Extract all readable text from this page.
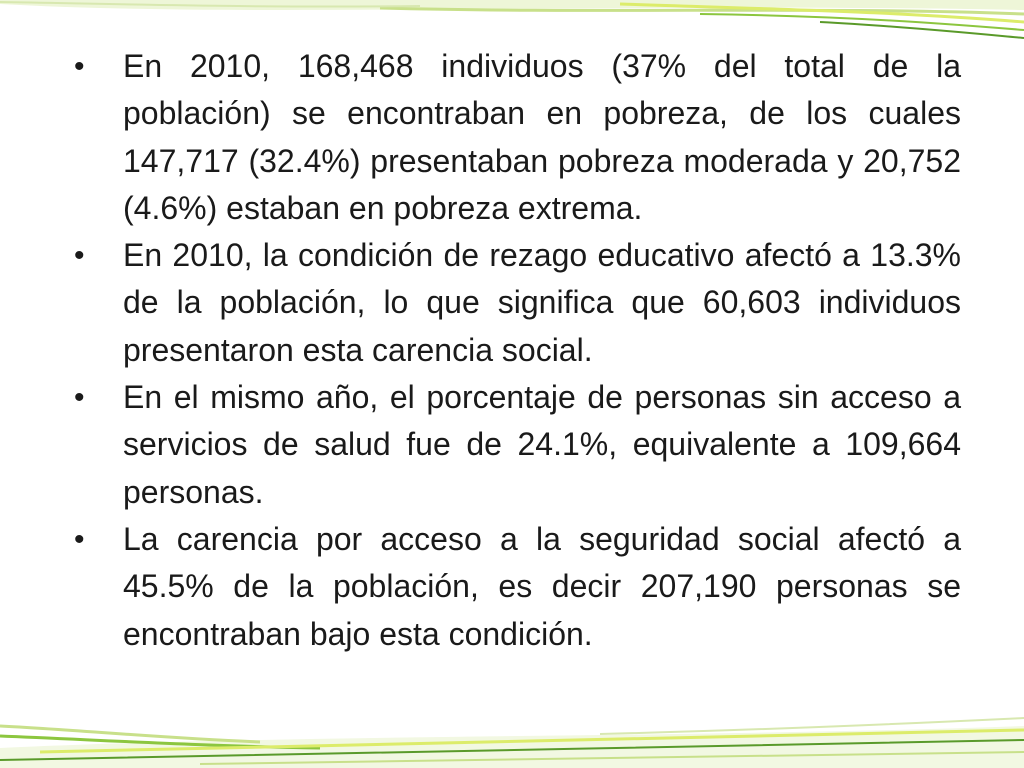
• En 2010, 168,468 individuos (37% del total de la población) se encontraban en pobreza, de los cuales 147,717 (32.4%) presentaban pobreza moderada y 20,752 (4.6%) estaban en pobreza extrema.
• En 2010, la condición de rezago educativo afectó a 13.3% de la población, lo que significa que 60,603 individuos presentaron esta carencia social.
• En el mismo año, el porcentaje de personas sin acceso a servicios de salud fue de 24.1%, equivalente a 109,664 personas.
• La carencia por acceso a la seguridad social afectó a 45.5% de la población, es decir 207,190 personas se encontraban bajo esta condición.
